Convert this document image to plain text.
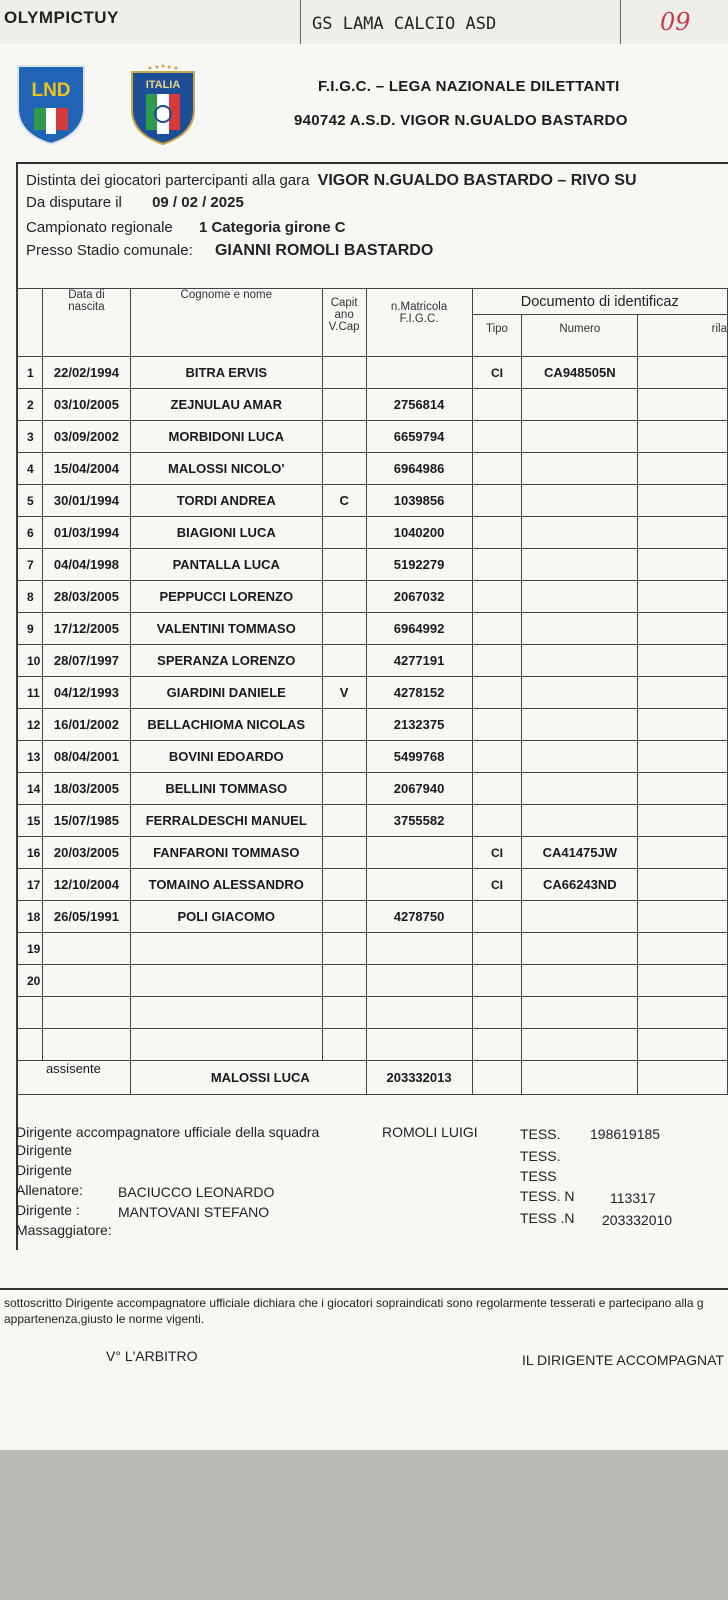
OLYMPICTUY	GS LAMA CALCIO ASD	09
LND	ITALIA	F.I.G.C. – LEGA NAZIONALE DILETTANTI
940742 A.S.D. VIGOR N.GUALDO BASTARDO
Distinta dei giocatori partercipanti alla gara VIGOR N.GUALDO BASTARDO – RIVO SU
Da disputare il 09 / 02 / 2025
Campionato regionale 1 Categoria girone C
Presso Stadio comunale: GIANNI ROMOLI BASTARDO
	Data di nascita	Cognome e nome	Capit ano V.Cap	n.Matricola F.I.G.C.	Documento di identificaz		
					Tipo	Numero	rila
1	22/02/1994	BITRA ERVIS			CI	CA948505N	
2	03/10/2005	ZEJNULAU AMAR		2756814			
3	03/09/2002	MORBIDONI LUCA		6659794			
4	15/04/2004	MALOSSI NICOLO'		6964986			
5	30/01/1994	TORDI ANDREA	C	1039856			
6	01/03/1994	BIAGIONI LUCA		1040200			
7	04/04/1998	PANTALLA LUCA		5192279			
8	28/03/2005	PEPPUCCI LORENZO		2067032			
9	17/12/2005	VALENTINI TOMMASO		6964992			
10	28/07/1997	SPERANZA LORENZO		4277191			
11	04/12/1993	GIARDINI DANIELE	V	4278152			
12	16/01/2002	BELLACHIOMA NICOLAS		2132375			
13	08/04/2001	BOVINI EDOARDO		5499768			
14	18/03/2005	BELLINI TOMMASO		2067940			
15	15/07/1985	FERRALDESCHI MANUEL		3755582			
16	20/03/2005	FANFARONI TOMMASO			CI	CA41475JW	
17	12/10/2004	TOMAINO ALESSANDRO			CI	CA66243ND	
18	26/05/1991	POLI GIACOMO		4278750			
19							
20							

assisente		MALOSSI LUCA		203332013			
Dirigente accompagnatore ufficiale della squadra	ROMOLI LUIGI	TESS. 198619185
Dirigente	TESS.
Dirigente	TESS
Allenatore:	BACIUCCO LEONARDO	TESS. N	113317
Dirigente :	MANTOVANI STEFANO	TESS .N 203332010
Massaggiatore:
sottoscritto Dirigente accompagnatore ufficiale dichiara che i giocatori sopraindicati sono regolarmente tesserati e partecipano alla g
appartenenza,giusto le norme vigenti.
V° L'ARBITRO	IL DIRIGENTE ACCOMPAGNAT
